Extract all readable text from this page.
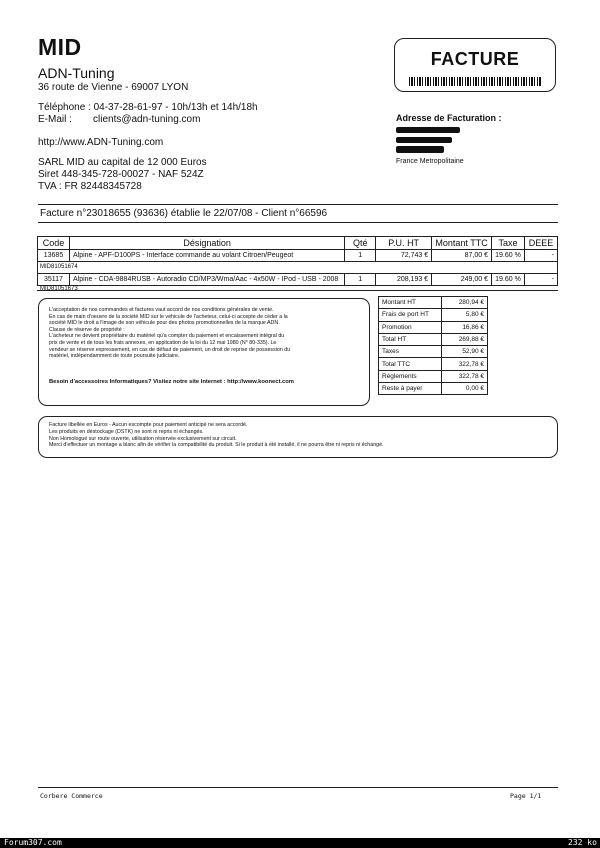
MID
ADN-Tuning
36 route de Vienne - 69007 LYON
Téléphone : 04-37-28-61-97 - 10h/13h et 14h/18h
E-Mail : clients@adn-tuning.com
http://www.ADN-Tuning.com
SARL MID au capital de 12 000 Euros
Siret 448-345-728-00027 - NAF 524Z
TVA : FR 82448345728
FACTURE
Adresse de Facturation :
France Metropolitaine
Facture n°23018655 (93636) établie le 22/07/08 - Client n°66596
Code	Désignation	Qté	P.U. HT	Montant TTC	Taxe	DEEE
13685	Alpine - APF-D100PS - Interface commande au volant Citroen/Peugeot	1	72,743 €	87,00 €	19.60 %	-

35117	Alpine - CDA-9884RUSB - Autoradio CD/MP3/Wma/Aac - 4x50W - IPod - USB - 2008	1	208,193 €	249,00 €	19.60 %	-
MID81051674
MID81051673
L'acceptation de nos commandes et factures vaut accord de nos conditions générales de vente.
En cas de main d'oeuvre de la société MID sur le véhicule de l'acheteur, celui-ci accepte de céder a la
société MID le droit a l'image de son véhicule pour des photos promotionnelles de la marque ADN.
Clause de réserve de propriété :
L'acheteur ne devient propriétaire du matériel qu'a compter du paiement et encaissement intégral du
prix de vente et de tous les frais annexes, en application de la loi du 12 mai 1980 (N° 80-335). Le
vendeur se réserve expressement, en cas de défaut de paiement, un droit de reprise de possession du
matériel, indépendamment de toute poursuite judiciaire.
Besoin d'accessoires Informatiques? Visitez notre site Internet : http://www.koonect.com
Montant HT	280,94 €
Frais de port HT	5,80 €
Promotion	16,86 €
Total HT	269,88 €
Taxes	52,90 €
Total TTC	322,78 €
Règlements	322,78 €
Reste à payer	0,00 €
Facture libellée en Euros - Aucun escompte pour paiement anticipé ne sera accordé.
Les produits en déstockage (DSTK) ne sont ni repris ni échangés.
Non Homologué sur route ouverte, utilisation réservée exclusivement sur circuit.
Merci d'effectuer un montage a blanc afin de vérifier la compatibilité du produit. Si le produit à été installé, il ne pourra être ni repris ni échangé.
Corbere Commerce	Page 1/1
Forum307.com	232 ko
